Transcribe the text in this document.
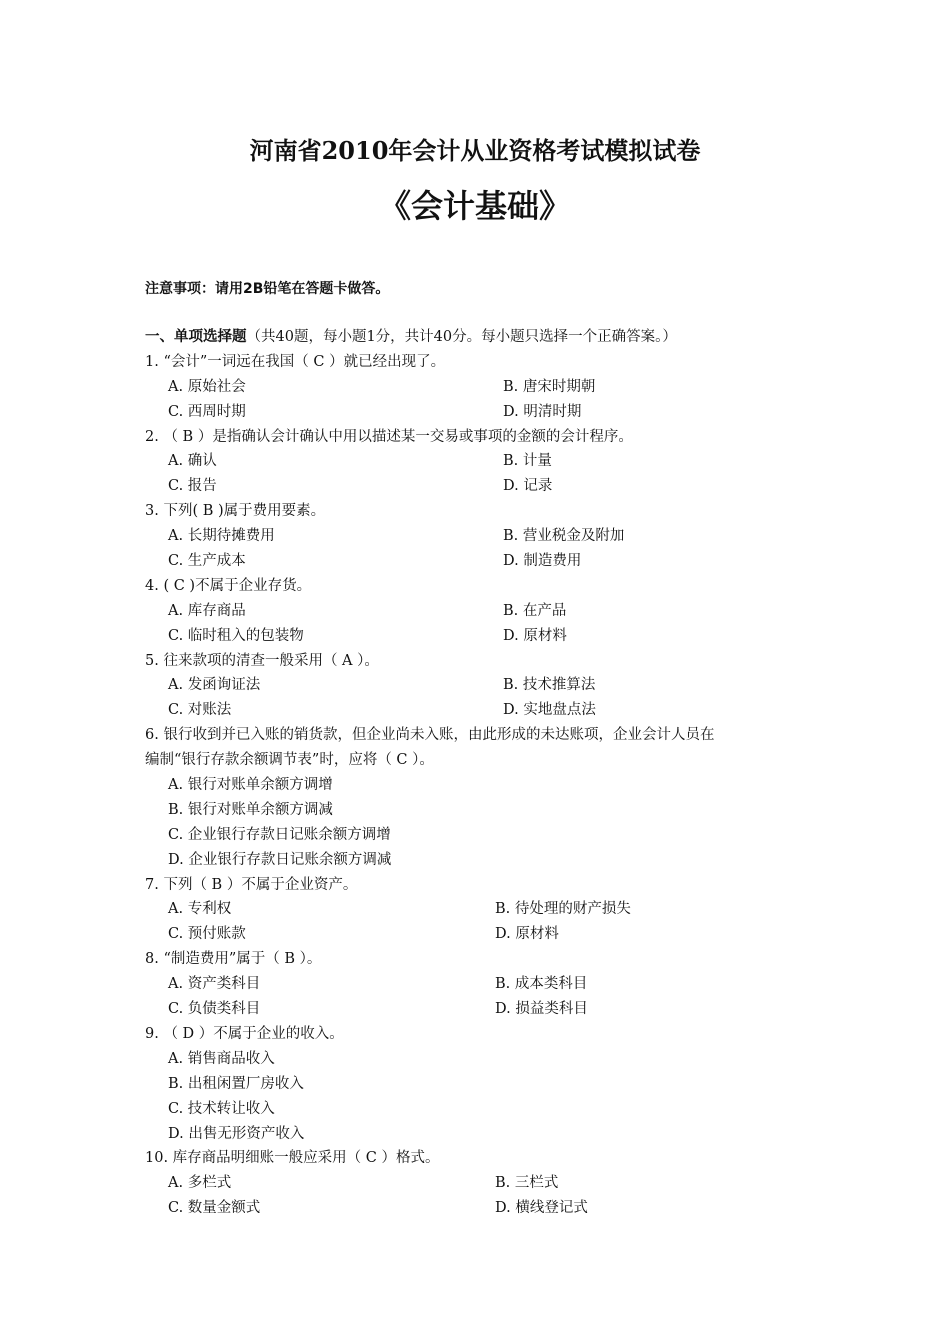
河南省2010年会计从业资格考试模拟试卷
《会计基础》
注意事项：请用2B铅笔在答题卡做答。
一、单项选择题（共40题，每小题1分，共计40分。每小题只选择一个正确答案。）
1. “会计”一词远在我国（ C ）就已经出现了。
A. 原始社会	B. 唐宋时期朝
C. 西周时期	D. 明清时期
2. （ B ）是指确认会计确认中用以描述某一交易或事项的金额的会计程序。
A. 确认	B. 计量
C. 报告	D. 记录
3. 下列( B )属于费用要素。
A. 长期待摊费用	B. 营业税金及附加
C. 生产成本	D. 制造费用
4. ( C )不属于企业存货。
A. 库存商品	B. 在产品
C. 临时租入的包装物	D. 原材料
5. 往来款项的清查一般采用（ A ）。
A. 发函询证法	B. 技术推算法
C. 对账法	D. 实地盘点法
6. 银行收到并已入账的销货款，但企业尚未入账，由此形成的未达账项，企业会计人员在
编制“银行存款余额调节表”时，应将（ C ）。
A. 银行对账单余额方调增
B. 银行对账单余额方调减
C. 企业银行存款日记账余额方调增
D. 企业银行存款日记账余额方调减
7. 下列（ B ）不属于企业资产。
A. 专利权	B. 待处理的财产损失
C. 预付账款	D. 原材料
8. “制造费用”属于（ B ）。
A. 资产类科目	B. 成本类科目
C. 负债类科目	D. 损益类科目
9. （ D ）不属于企业的收入。
A. 销售商品收入
B. 出租闲置厂房收入
C. 技术转让收入
D. 出售无形资产收入
10. 库存商品明细账一般应采用（ C ）格式。
A. 多栏式	B. 三栏式
C. 数量金额式	D. 横线登记式
